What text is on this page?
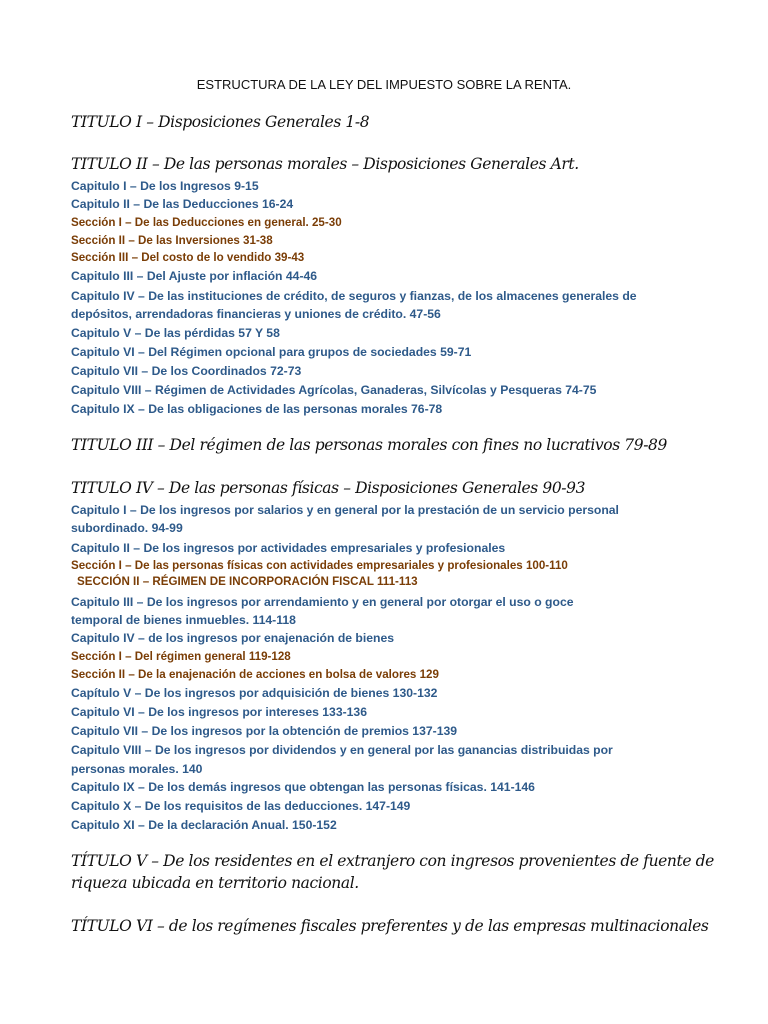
ESTRUCTURA DE LA LEY DEL IMPUESTO SOBRE LA RENTA.

TITULO I – Disposiciones Generales 1-8

TITULO II – De las personas morales – Disposiciones Generales Art.

Capitulo I – De los Ingresos 9-15

Capitulo II – De las Deducciones 16-24

Sección I – De las Deducciones en general. 25-30

Sección II – De las Inversiones 31-38

Sección III – Del costo de lo vendido 39-43

Capitulo III – Del Ajuste por inflación 44-46

Capitulo IV – De las instituciones de crédito, de seguros y fianzas, de los almacenes generales de

depósitos, arrendadoras financieras y uniones de crédito. 47-56

Capitulo V – De las pérdidas 57 Y 58

Capitulo VI – Del Régimen opcional para grupos de sociedades 59-71

Capitulo VII – De los Coordinados 72-73

Capitulo VIII – Régimen de Actividades Agrícolas, Ganaderas, Silvícolas y Pesqueras 74-75

Capitulo IX – De las obligaciones de las personas morales 76-78

TITULO III – Del régimen de las personas morales con fines no lucrativos 79-89

TITULO IV – De las personas físicas – Disposiciones Generales 90-93

Capitulo I – De los ingresos por salarios y en general por la prestación de un servicio personal

subordinado. 94-99

Capitulo II – De los ingresos por actividades empresariales y profesionales

Sección I – De las personas físicas con actividades empresariales y profesionales 100-110

SECCIÓN II – RÉGIMEN DE INCORPORACIÓN FISCAL 111-113

Capitulo III – De los ingresos por arrendamiento y en general por otorgar el uso o goce

temporal de bienes inmuebles. 114-118

Capitulo IV – de los ingresos por enajenación de bienes

Sección I – Del régimen general 119-128

Sección II – De la enajenación de acciones en bolsa de valores 129

Capítulo V – De los ingresos por adquisición de bienes 130-132

Capitulo VI – De los ingresos por intereses 133-136

Capitulo VII – De los ingresos por la obtención de premios 137-139

Capitulo VIII – De los ingresos por dividendos y en general por las ganancias distribuidas por

personas morales. 140

Capitulo IX – De los demás ingresos que obtengan las personas físicas. 141-146

Capitulo X – De los requisitos de las deducciones. 147-149

Capitulo XI – De la declaración Anual. 150-152

TÍTULO V – De los residentes en el extranjero con ingresos provenientes de fuente de

riqueza ubicada en territorio nacional.

TÍTULO VI – de los regímenes fiscales preferentes y de las empresas multinacionales
